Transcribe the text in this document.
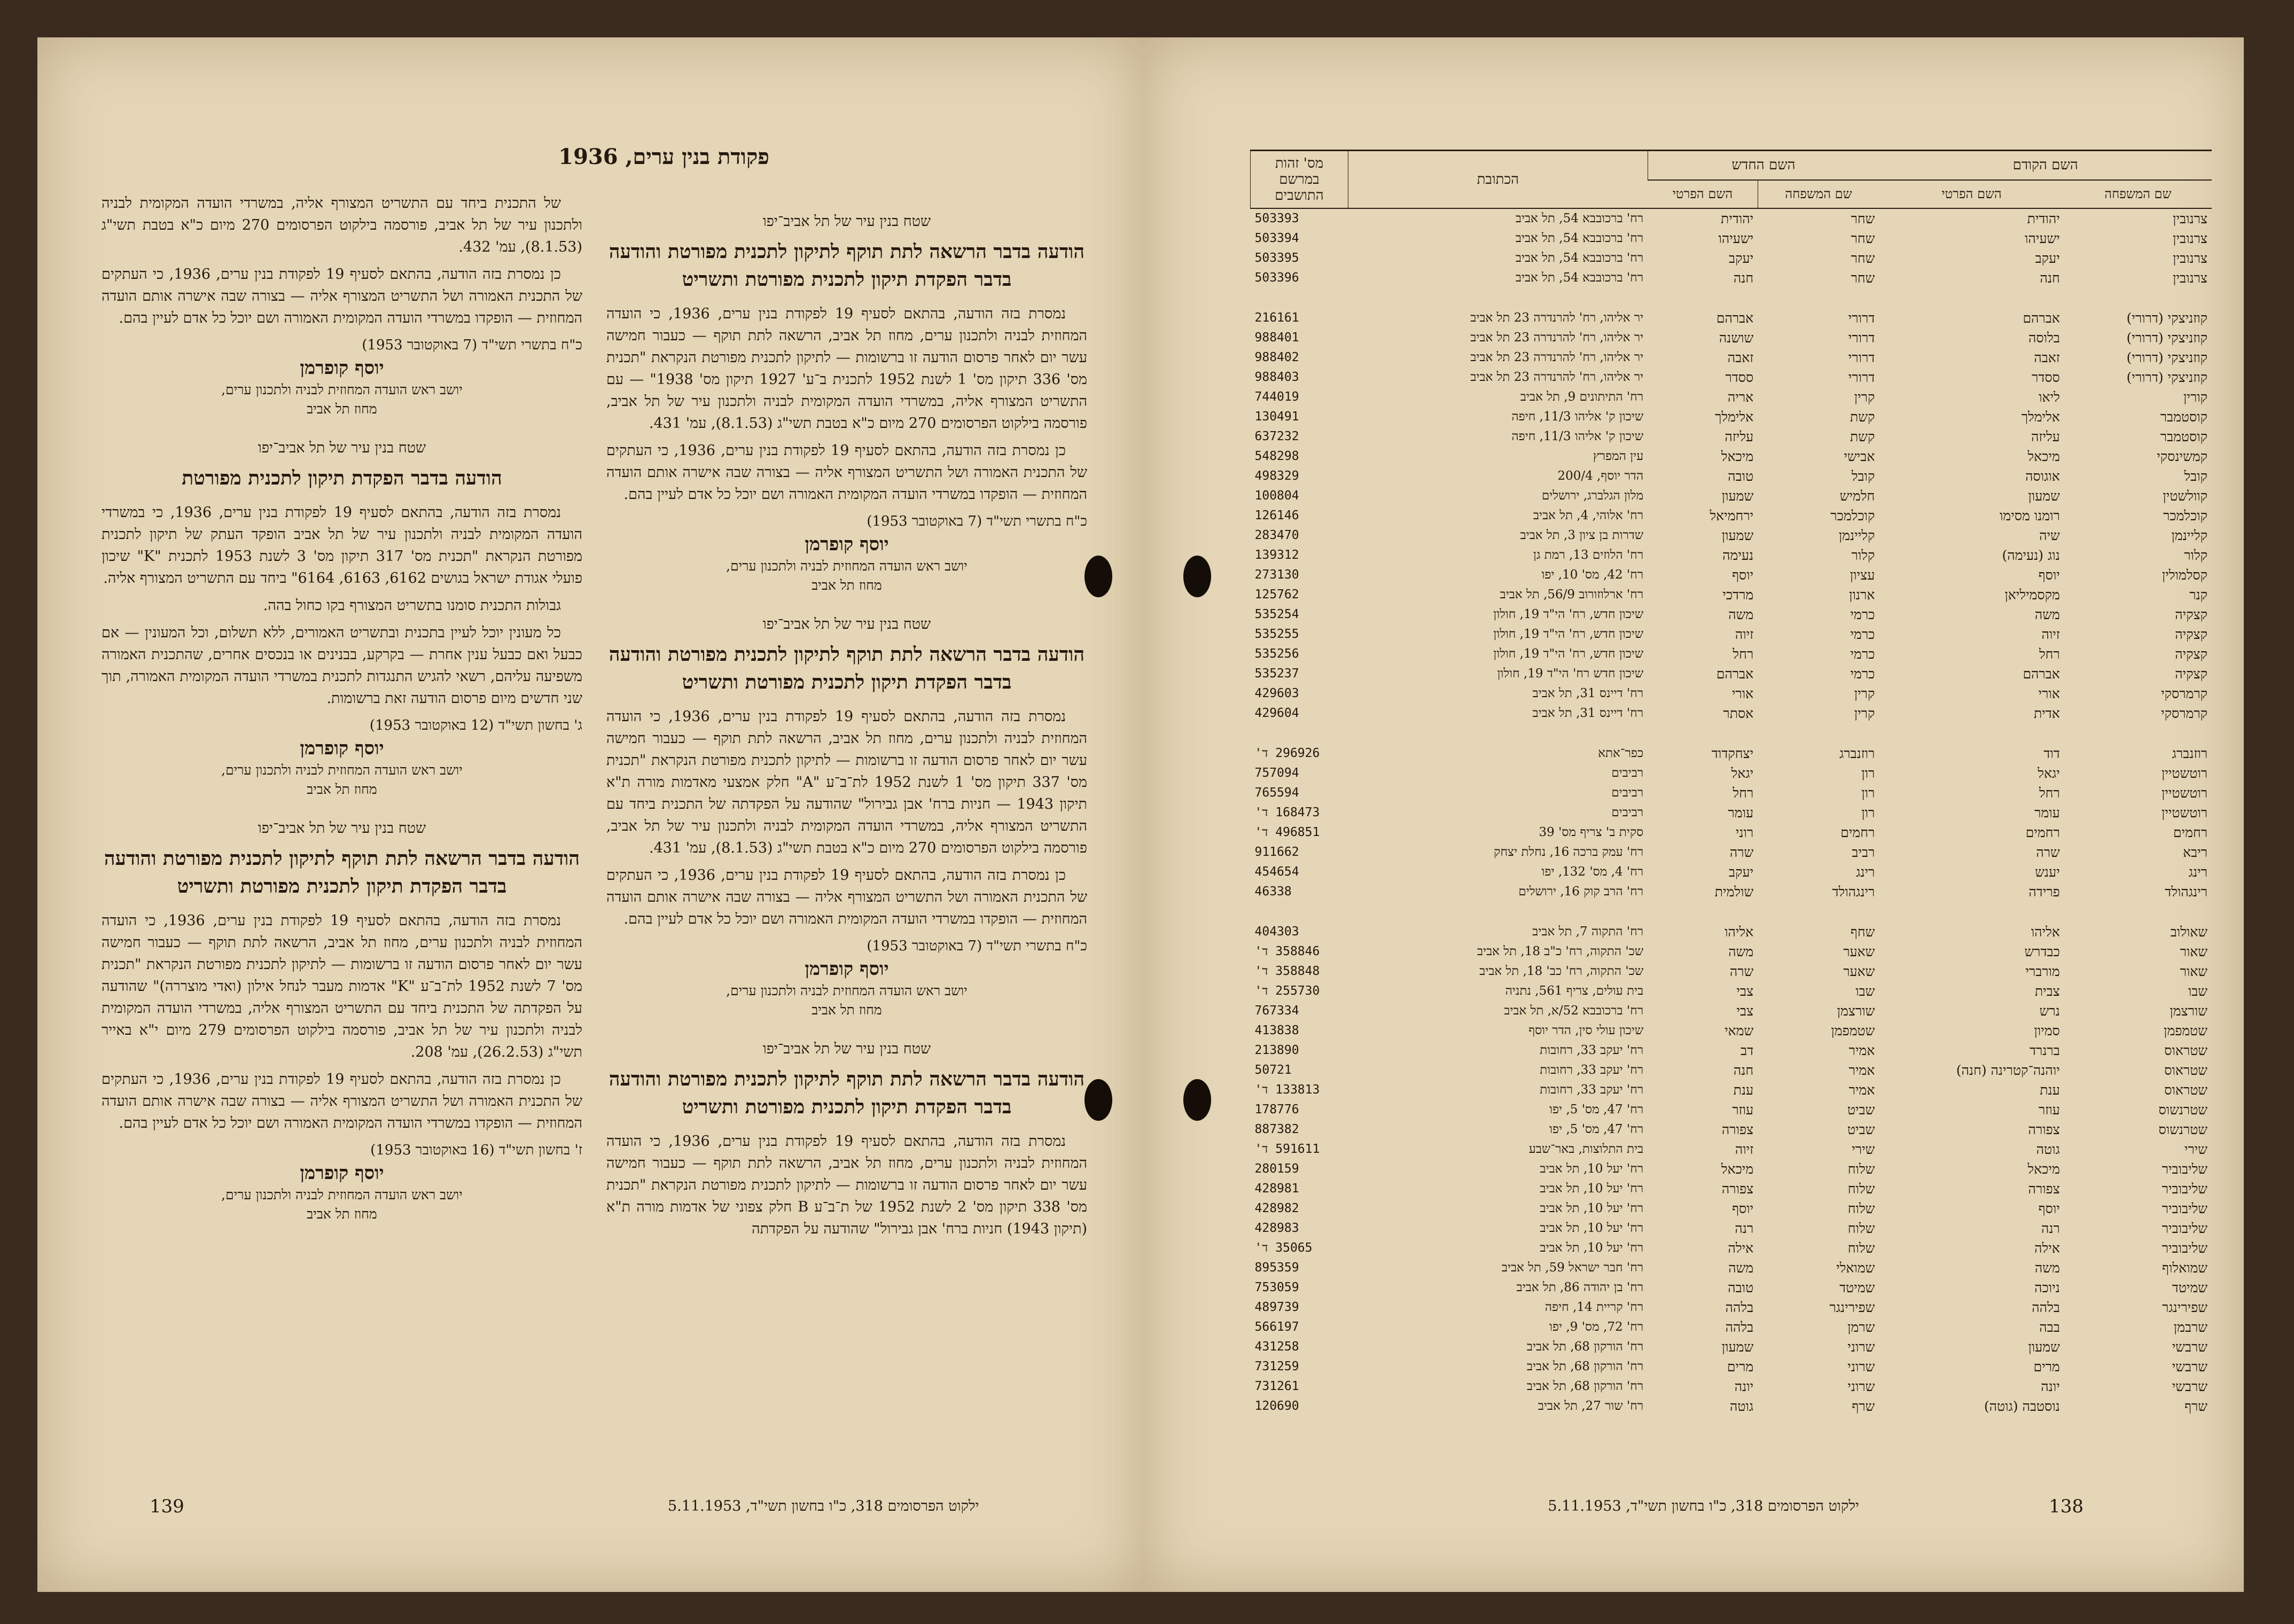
פקודת בנין ערים, 1936
שטח בנין עיר של תל אביב־יפו
הודעה בדבר הרשאה לתת תוקף לתיקון לתכנית מפורטת והודעה בדבר הפקדת תיקון לתכנית מפורטת ותשריט

נמסרת בזה הודעה, בהתאם לסעיף 19 לפקודת בנין ערים, 1936, כי הועדה המחוזית לבניה ולתכנון ערים, מחוז תל אביב, הרשאה לתת תוקף — כעבור חמישה עשר יום לאחר פרסום הודעה זו ברשומות — לתיקון לתכנית מפורטת הנקראת "תכנית מס' 336 תיקון מס' 1 לשנת 1952 לתכנית ב־ע' 1927 תיקון מס' 1938" — עם התשריט המצורף אליה, במשרדי הועדה המקומית לבניה ולתכנון עיר של תל אביב, פורסמה בילקוט הפרסומים 270 מיום כ"א בטבת תשי"ג (8.1.53), עמ' 431.

כן נמסרת בזה הודעה, בהתאם לסעיף 19 לפקודת בנין ערים, 1936, כי העתקים של התכנית האמורה ושל התשריט המצורף אליה — בצורה שבה אישרה אותם הועדה המחוזית — הופקדו במשרדי הועדה המקומית האמורה ושם יוכל כל אדם לעיין בהם.

כ"ח בתשרי תשי"ד (7 באוקטובר 1953)
יוסף קופרמן
יושב ראש הועדה המחוזית לבניה ולתכנון ערים,
מחוז תל אביב
שטח בנין עיר של תל אביב־יפו
הודעה בדבר הרשאה לתת תוקף לתיקון לתכנית מפורטת והודעה בדבר הפקדת תיקון לתכנית מפורטת ותשריט

נמסרת בזה הודעה, בהתאם לסעיף 19 לפקודת בנין ערים, 1936, כי הועדה המחוזית לבניה ולתכנון ערים, מחוז תל אביב, הרשאה לתת תוקף — כעבור חמישה עשר יום לאחר פרסום הודעה זו ברשומות — לתיקון לתכנית מפורטת הנקראת "תכנית מס' 337 תיקון מס' 1 לשנת 1952 לת־ב־ע "A" חלק אמצעי מאדמות מורה ת"א תיקון 1943 — חניות ברח' אבן גבירול" שהודעה על הפקדתה של התכנית ביחד עם התשריט המצורף אליה, במשרדי הועדה המקומית לבניה ולתכנון עיר של תל אביב, פורסמה בילקוט הפרסומים 270 מיום כ"א בטבת תשי"ג (8.1.53), עמ' 431.

כן נמסרת בזה הודעה, בהתאם לסעיף 19 לפקודת בנין ערים, 1936, כי העתקים של התכנית האמורה ושל התשריט המצורף אליה — בצורה שבה אישרה אותם הועדה המחוזית — הופקדו במשרדי הועדה המקומית האמורה ושם יוכל כל אדם לעיין בהם.

כ"ח בתשרי תשי"ד (7 באוקטובר 1953)
יוסף קופרמן
יושב ראש הועדה המחוזית לבניה ולתכנון ערים,
מחוז תל אביב
שטח בנין עיר של תל אביב־יפו
הודעה בדבר הרשאה לתת תוקף לתיקון לתכנית מפורטת והודעה בדבר הפקדת תיקון לתכנית מפורטת ותשריט

נמסרת בזה הודעה, בהתאם לסעיף 19 לפקודת בנין ערים, 1936, כי הועדה המחוזית לבניה ולתכנון ערים, מחוז תל אביב, הרשאה לתת תוקף — כעבור חמישה עשר יום לאחר פרסום הודעה זו ברשומות — לתיקון לתכנית מפורטת הנקראת "תכנית מס' 338 תיקון מס' 2 לשנת 1952 של ת־ב־ע B חלק צפוני של אדמות מורה ת"א (תיקון 1943) חניות ברח' אבן גבירול" שהודעה על הפקדתה

של התכנית ביחד עם התשריט המצורף אליה, במשרדי הועדה המקומית לבניה ולתכנון עיר של תל אביב, פורסמה בילקוט הפרסומים 270 מיום כ"א בטבת תשי"ג (8.1.53), עמ' 432.

כן נמסרת בזה הודעה, בהתאם לסעיף 19 לפקודת בנין ערים, 1936, כי העתקים של התכנית האמורה ושל התשריט המצורף אליה — בצורה שבה אישרה אותם הועדה המחוזית — הופקדו במשרדי הועדה המקומית האמורה ושם יוכל כל אדם לעיין בהם.

כ"ח בתשרי תשי"ד (7 באוקטובר 1953)
יוסף קופרמן
יושב ראש הועדה המחוזית לבניה ולתכנון ערים,
מחוז תל אביב
שטח בנין עיר של תל אביב־יפו
הודעה בדבר הפקדת תיקון לתכנית מפורטת

נמסרת בזה הודעה, בהתאם לסעיף 19 לפקודת בנין ערים, 1936, כי במשרדי הועדה המקומית לבניה ולתכנון עיר של תל אביב הופקד העתק של תיקון לתכנית מפורטת הנקראת "תכנית מס' 317 תיקון מס' 3 לשנת 1953 לתכנית "K" שיכון פועלי אגודת ישראל בגושים 6162, 6163, 6164" ביחד עם התשריט המצורף אליה.

גבולות התכנית סומנו בתשריט המצורף בקו כחול בהה.

כל מעונין יוכל לעיין בתכנית ובתשריט האמורים, ללא תשלום, וכל המעונין — אם כבעל ואם כבעל ענין אחרת — בקרקע, בבנינים או בנכסים אחרים, שהתכנית האמורה משפיעה עליהם, רשאי להגיש התנגדות לתכנית במשרדי הועדה המקומית האמורה, תוך שני חדשים מיום פרסום הודעה זאת ברשומות.

ג' בחשון תשי"ד (12 באוקטובר 1953)
יוסף קופרמן
יושב ראש הועדה המחוזית לבניה ולתכנון ערים,
מחוז תל אביב
שטח בנין עיר של תל אביב־יפו
הודעה בדבר הרשאה לתת תוקף לתיקון לתכנית מפורטת והודעה בדבר הפקדת תיקון לתכנית מפורטת ותשריט

נמסרת בזה הודעה, בהתאם לסעיף 19 לפקודת בנין ערים, 1936, כי הועדה המחוזית לבניה ולתכנון ערים, מחוז תל אביב, הרשאה לתת תוקף — כעבור חמישה עשר יום לאחר פרסום הודעה זו ברשומות — לתיקון לתכנית מפורטת הנקראת "תכנית מס' 7 לשנת 1952 לת־ב־ע "K" אדמות מעבר לנחל אילון (ואדי מוצררה)" שהודעה על הפקדתה של התכנית ביחד עם התשריט המצורף אליה, במשרדי הועדה המקומית לבניה ולתכנון עיר של תל אביב, פורסמה בילקוט הפרסומים 279 מיום י"א באייר תשי"ג (26.2.53), עמ' 208.

כן נמסרת בזה הודעה, בהתאם לסעיף 19 לפקודת בנין ערים, 1936, כי העתקים של התכנית האמורה ושל התשריט המצורף אליה — בצורה שבה אישרה אותם הועדה המחוזית — הופקדו במשרדי הועדה המקומית האמורה ושם יוכל כל אדם לעיין בהם.

ז' בחשון תשי"ד (16 באוקטובר 1953)
יוסף קופרמן
יושב ראש הועדה המחוזית לבניה ולתכנון ערים,
מחוז תל אביב
139	ילקוט הפרסומים 318, כ"ו בחשון תשי"ד, 5.11.1953
השם הקודם		השם החדש		הכתובת	מס' זהות במרשם התושבים
שם המשפחה	השם הפרטי	שם המשפחה	השם הפרטי		
צרנובין	יהודית	שחר	יהודית	רח' ברכובבא 54, תל אביב	503393
צרנובין	ישעיהו	שחר	ישעיהו	רח' ברכובבא 54, תל אביב	503394
צרנובין	יעקב	שחר	יעקב	רח' ברכובבא 54, תל אביב	503395
צרנובין	חנה	שחר	חנה	רח' ברכובבא 54, תל אביב	503396

קוזניצקי (דרורי)	אברהם	דרורי	אברהם	יר אליהו, רח' להרנדרה 23 תל אביב	216161
קוזניצקי (דרורי)	בלוסה	דרורי	שושנה	יר אליהו, רח' להרנדרה 23 תל אביב	988401
קוזניצקי (דרורי)	זאבה	דרורי	זאבה	יר אליהו, רח' להרנדרה 23 תל אביב	988402
קוזניצקי (דרורי)	ססדר	דרורי	ססדר	יר אליהו, רח' להרנדרה 23 תל אביב	988403
קורין	ליאו	קרין	אריה	רח' התיתונים 9, תל אביב	744019
קוסטמבר	אלימלך	קשת	אלימלך	שיכון ק' אליהו 11/3, חיפה	130491
קוסטמבר	עליזה	קשת	עליזה	שיכון ק' אליהו 11/3, חיפה	637232
קמשינסקי	מיכאל	אבישי	מיכאל	עין המפרץ	548298
קובל	אוגוסה	קובל	טובה	הדר יוסף, 200/4	498329
קוולשטין	שמעון	חלמיש	שמעון	מלון הגלברג, ירושלים	100804
קוכלמכר	רומנו מסימו	קוכלמכר	ירחמיאל	רח' אלוהי, 4, תל אביב	126146
קליינמן	שיה	קליינמן	שמעון	שדרות בן ציון 3, תל אביב	283470
קלור	נוג (נעימה)	קלור	נעימה	רח' הלוזים 13, רמת גן	139312
קסלמולין	יוסף	עציון	יוסף	רח' 42, מס' 10, יפו	273130
קנר	מקסמיליאן	ארנון	מרדכי	רח' ארלוזורוב 56/9, תל אביב	125762
קצקיה	משה	כרמי	משה	שיכון חדש, רח' הי"ד 19, חולון	535254
קצקיה	זיוה	כרמי	זיוה	שיכון חדש, רח' הי"ד 19, חולון	535255
קצקיה	רחל	כרמי	רחל	שיכון חדש, רח' הי"ד 19, חולון	535256
קצקיה	אברהם	כרמי	אברהם	שיכון חדש רח' הי"ד 19, חולון	535237
קרמרסקי	אורי	קרין	אורי	רח' דיינס 31, תל אביב	429603
קרמרסקי	אדית	קרין	אסתר	רח' דיינס 31, תל אביב	429604

רוזנברג	דוד	רוזנברג	יצחקדוד	כפר־אתא	296926 ד'
רוטשטיין	יגאל	רון	יגאל	רביבים	757094
רוטשטיין	רחל	רון	רחל	רביבים	765594
רוטשטיין	עומר	רון	עומר	רביבים	168473 ד'
רחמים	רחמים	רחמים	רוני	סקית ב' צריף מס' 39	496851 ד'
ריבא	שרה	רביב	שרה	רח' עמק ברכה 16, נחלת יצחק	911662
רינג	יענש	רינג	יעקב	רח' 4, מס' 132, יפו	454654
רינגהולד	פרידה	רינגהולד	שולמית	רח' הרב קוק 16, ירושלים	46338

שאולוב	אליהו	שחף	אליהו	רח' התקוה 7, תל אביב	404303
שאור	כבדרש	שאער	משה	שכ' התקוה, רח' כ"ב 18, תל אביב	358846 ד'
שאור	מורברי	שאער	שרה	שכ' התקוה, רח' כב' 18, תל אביב	358848 ד'
שבו	צבית	שבו	צבי	בית עולים, צריף 561, נתניה	255730 ד'
שורצמן	נרש	שורצמן	צבי	רח' ברכובבא 52/א, תל אביב	767334
שטמפמן	סמיון	שטמפמן	שמאי	שיכון עולי סין, הדר יוסף	413838
שטראוס	ברנרד	אמיר	דב	רח' יעקב 33, רחובות	213890
שטראוס	יוהנה־קטרינה (חנה)	אמיר	חנה	רח' יעקב 33, רחובות	50721
שטראוס	ענת	אמיר	ענת	רח' יעקב 33, רחובות	133813 ד'
שטרנשוס	עוזר	שביט	עוזר	רח' 47, מס' 5, יפו	178776
שטרנשוס	צפורה	שביט	צפורה	רח' 47, מס' 5, יפו	887382
שירי	גוטה	שירי	זיוה	בית התלוצות, באר־שבע	591611 ד'
שליבוביר	מיכאל	שלוח	מיכאל	רח' יעל 10, תל אביב	280159
שליבוביר	צפורה	שלוח	צפורה	רח' יעל 10, תל אביב	428981
שליבוביר	יוסף	שלוח	יוסף	רח' יעל 10, תל אביב	428982
שליבוביר	רנה	שלוח	רנה	רח' יעל 10, תל אביב	428983
שליבוביר	אילה	שלוח	אילה	רח' יעל 10, תל אביב	35065 ד'
שמואלוף	משה	שמואלי	משה	רח' חבר ישראל 59, תל אביב	895359
שמיטד	ניוכה	שמיטד	טובה	רח' בן יהודה 86, תל אביב	753059
שפירינגר	בלהה	שפירינגר	בלהה	רח' קריית 14, חיפה	489739
שרבמן	בבה	שרמן	בלהה	רח' 72, מס' 9, יפו	566197
שרבשי	שמעון	שרוני	שמעון	רח' הורקון 68, תל אביב	431258
שרבשי	מרים	שרוני	מרים	רח' הורקון 68, תל אביב	731259
שרבשי	יונה	שרוני	יונה	רח' הורקון 68, תל אביב	731261
שרף	נוסטבה (גוטה)	שרף	גוטה	רח' שור 27, תל אביב	120690
138
ילקוט הפרסומים 318, כ"ו בחשון תשי"ד, 5.11.1953
